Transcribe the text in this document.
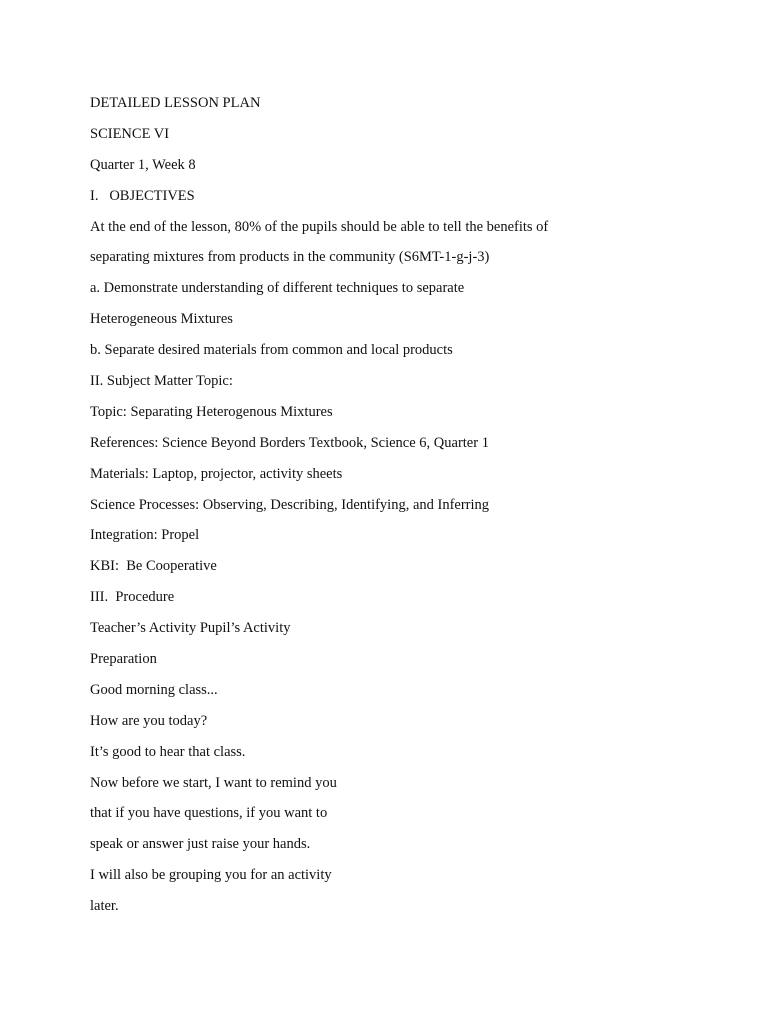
DETAILED LESSON PLAN

SCIENCE VI

Quarter 1, Week 8

I.   OBJECTIVES

At the end of the lesson, 80% of the pupils should be able to tell the benefits of

separating mixtures from products in the community (S6MT-1-g-j-3)

a. Demonstrate understanding of different techniques to separate

Heterogeneous Mixtures

b. Separate desired materials from common and local products

II. Subject Matter Topic:

Topic: Separating Heterogenous Mixtures

References: Science Beyond Borders Textbook, Science 6, Quarter 1

Materials: Laptop, projector, activity sheets

Science Processes: Observing, Describing, Identifying, and Inferring

Integration: Propel

KBI:  Be Cooperative

III.  Procedure

Teacher’s Activity Pupil’s Activity

Preparation

Good morning class...

How are you today?

It’s good to hear that class.

Now before we start, I want to remind you

that if you have questions, if you want to

speak or answer just raise your hands.

I will also be grouping you for an activity

later.
